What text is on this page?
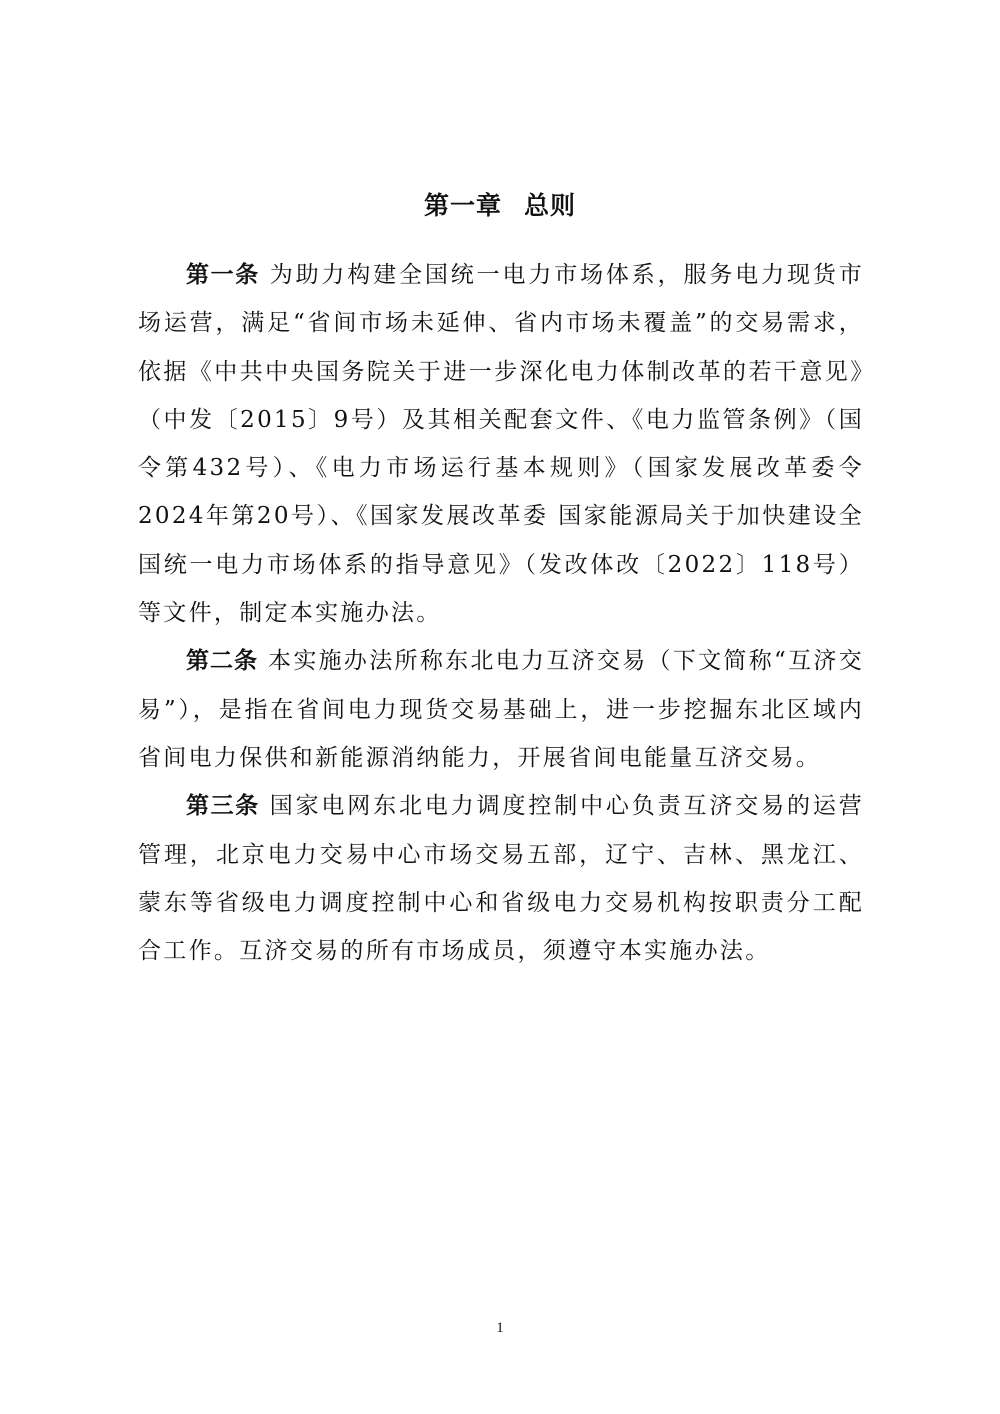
第一章 总则

第一条 为助力构建全国统一电力市场体系，服务电力现货市场运营，满足“省间市场未延伸、省内市场未覆盖”的交易需求，依据《中共中央国务院关于进一步深化电力体制改革的若干意见》（中发〔2015〕9号）及其相关配套文件、《电力监管条例》（国令第432号）、《电力市场运行基本规则》（国家发展改革委令2024年第20号）、《国家发展改革委 国家能源局关于加快建设全国统一电力市场体系的指导意见》（发改体改〔2022〕118号）等文件，制定本实施办法。

第二条 本实施办法所称东北电力互济交易（下文简称“互济交易”），是指在省间电力现货交易基础上，进一步挖掘东北区域内省间电力保供和新能源消纳能力，开展省间电能量互济交易。

第三条 国家电网东北电力调度控制中心负责互济交易的运营管理，北京电力交易中心市场交易五部，辽宁、吉林、黑龙江、蒙东等省级电力调度控制中心和省级电力交易机构按职责分工配合工作。互济交易的所有市场成员，须遵守本实施办法。

1
